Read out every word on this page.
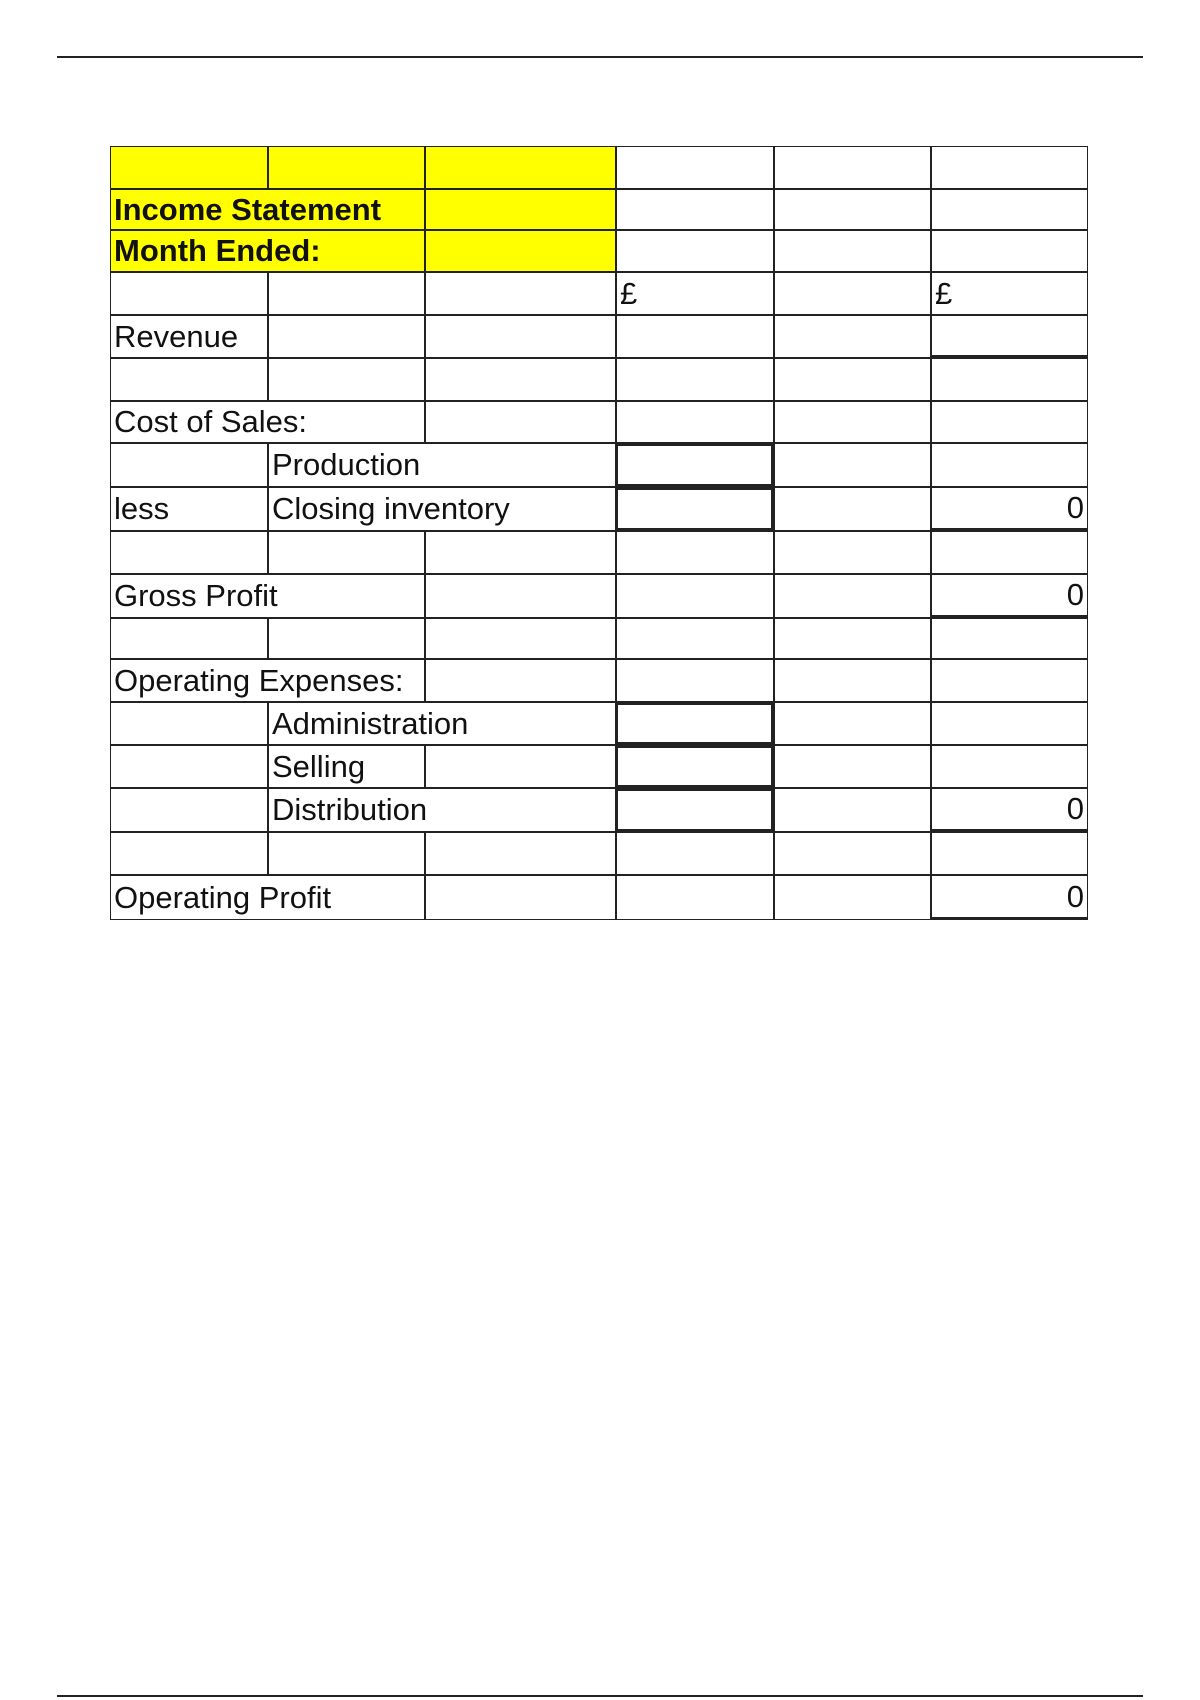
Income Statement
Month Ended:
£	£
Revenue
Cost of Sales:
Production
less	Closing inventory	0
Gross Profit	0
Operating Expenses:
Administration
Selling
Distribution	0
Operating Profit	0
